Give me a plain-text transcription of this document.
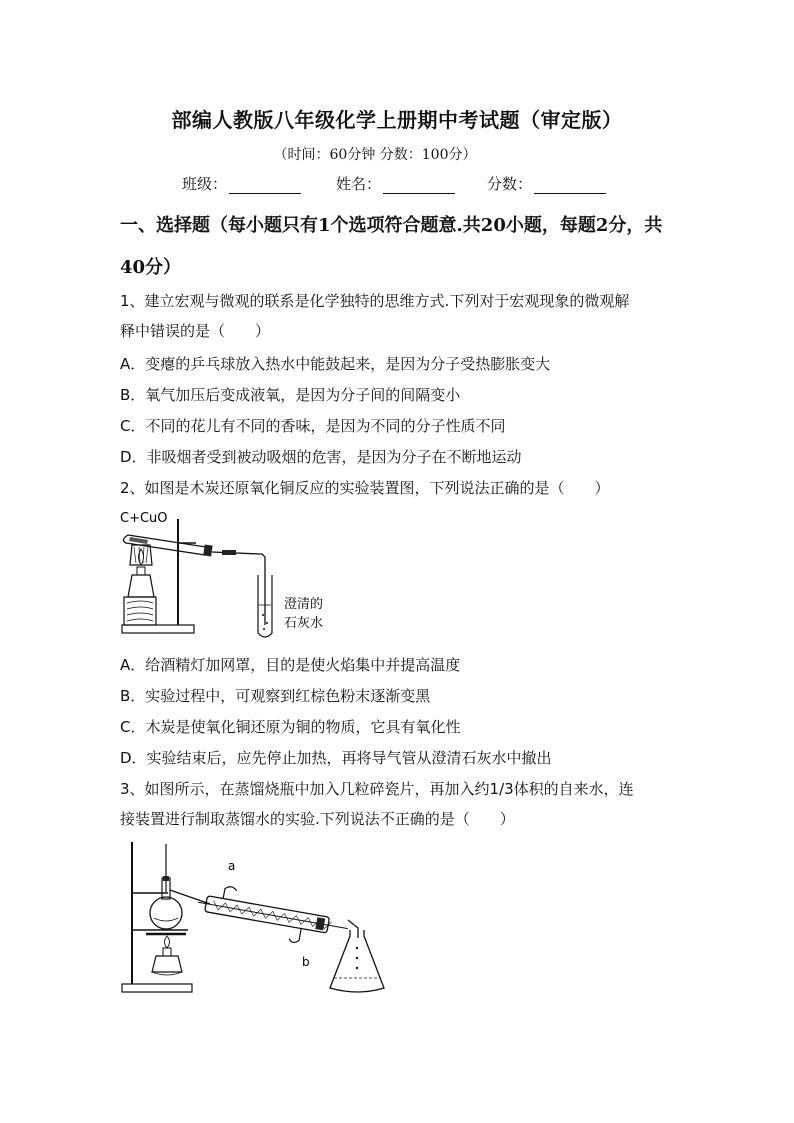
部编人教版八年级化学上册期中考试题（审定版）
（时间：60分钟 分数：100分）
班级：	姓名：	分数：
一、选择题（每小题只有1个选项符合题意.共20小题，每题2分，共
40分）
1、建立宏观与微观的联系是化学独特的思维方式.下列对于宏观现象的微观解
释中错误的是（　　）
A．变瘪的乒乓球放入热水中能鼓起来，是因为分子受热膨胀变大
B．氧气加压后变成液氧，是因为分子间的间隔变小
C．不同的花儿有不同的香味，是因为不同的分子性质不同
D．非吸烟者受到被动吸烟的危害，是因为分子在不断地运动
2、如图是木炭还原氧化铜反应的实验装置图，下列说法正确的是（　　）
C+CuO
澄清的
石灰水
A．给酒精灯加网罩，目的是使火焰集中并提高温度
B．实验过程中，可观察到红棕色粉末逐渐变黑
C．木炭是使氧化铜还原为铜的物质，它具有氧化性
D．实验结束后，应先停止加热，再将导气管从澄清石灰水中撤出
3、如图所示，在蒸馏烧瓶中加入几粒碎瓷片，再加入约1/3体积的自来水，连
接装置进行制取蒸馏水的实验.下列说法不正确的是（　　）
a
b
